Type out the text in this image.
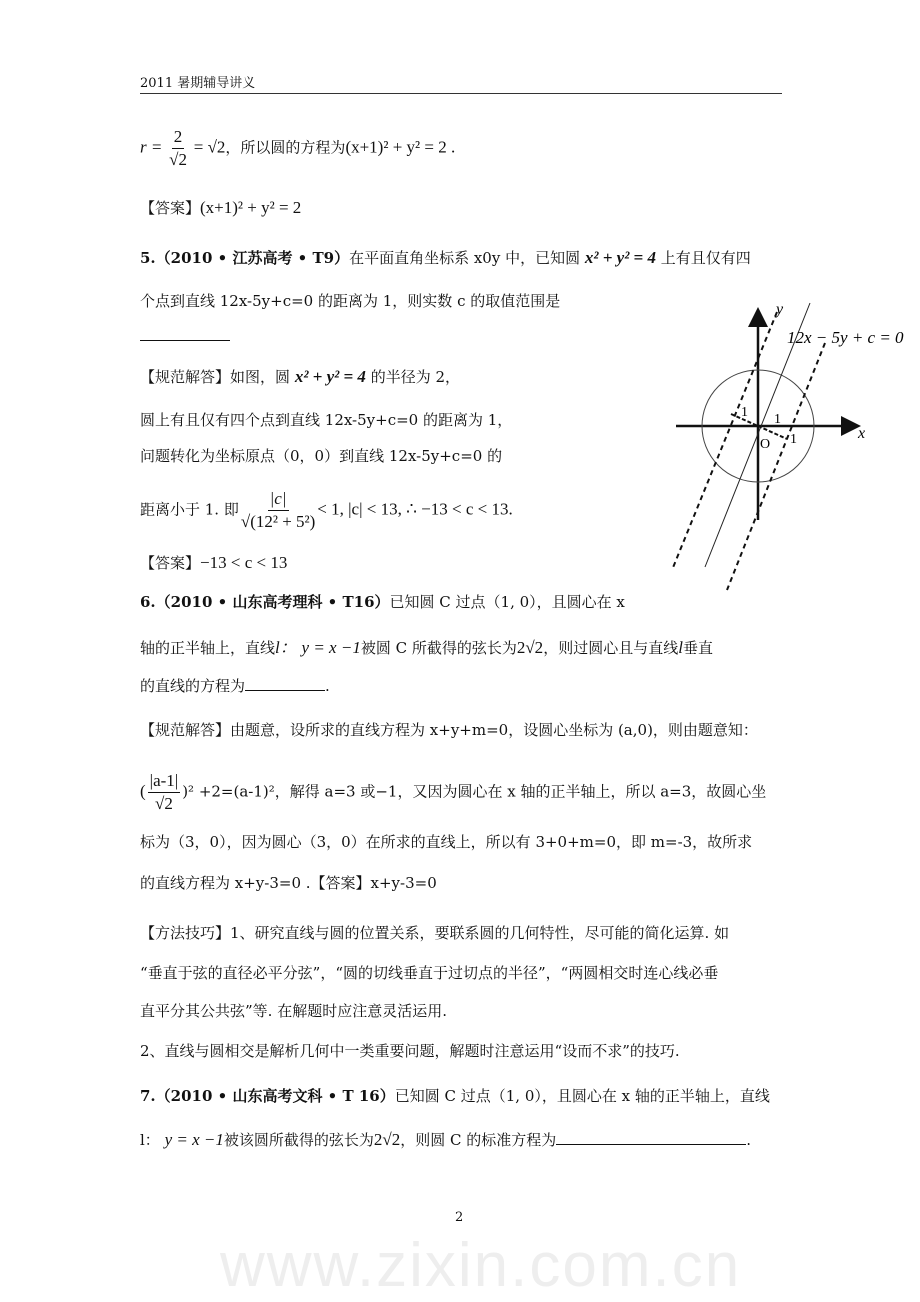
2011 暑期辅导讲义
$r = \frac{2}{√2} = √2$，所以圆的方程为(x+1)² + y² = 2 .
【答案】(x+1)² + y² = 2
5.（2010 • 江苏高考 • T9）在平面直角坐标系 x0y 中，已知圆 x² + y² = 4 上有且仅有四
个点到直线 12x-5y+c=0 的距离为 1，则实数 c 的取值范围是
【规范解答】如图，圆 x² + y² = 4 的半径为 2，
圆上有且仅有四个点到直线 12x-5y+c=0 的距离为 1，
问题转化为坐标原点（0，0）到直线 12x-5y+c=0 的
距离小于 1. 即 $\frac{|c|}{\text{√(12² + 5²)}} < 1$, |c| < 13, ∴ −13 < c < 13.
【答案】−13 < c < 13
6.（2010 • 山东高考理科 • T16）已知圆 C 过点（1, 0），且圆心在 x
轴的正半轴上，直线l： y = x −1被圆 C 所截得的弦长为2√2，则过圆心且与直线l垂直
的直线的方程为	.
【规范解答】由题意，设所求的直线方程为 x+y+m=0，设圆心坐标为 (a,0)，则由题意知：
( $\frac{|a-1|}{√2} )^2 +2=(a-1)^2$，解得 a=3 或−1，又因为圆心在 x 轴的正半轴上，所以 a=3，故圆心坐
标为（3，0），因为圆心（3，0）在所求的直线上，所以有 3+0+m=0，即 m=-3，故所求
的直线方程为 x+y-3=0 .【答案】x+y-3=0
【方法技巧】1、研究直线与圆的位置关系，要联系圆的几何特性，尽可能的简化运算. 如
“垂直于弦的直径必平分弦”，“圆的切线垂直于过切点的半径”，“两圆相交时连心线必垂
直平分其公共弦”等. 在解题时应注意灵活运用.
2、直线与圆相交是解析几何中一类重要问题，解题时注意运用“设而不求”的技巧.
7.（2010 • 山东高考文科 • T 16）已知圆 C 过点（1, 0），且圆心在 x 轴的正半轴上，直线
l： y = x −1被该圆所截得的弦长为2√2，则圆 C 的标准方程为	.
12x − 5y + c = 0
y
x
O
1 1
1
2
www.zixin.com.cn
